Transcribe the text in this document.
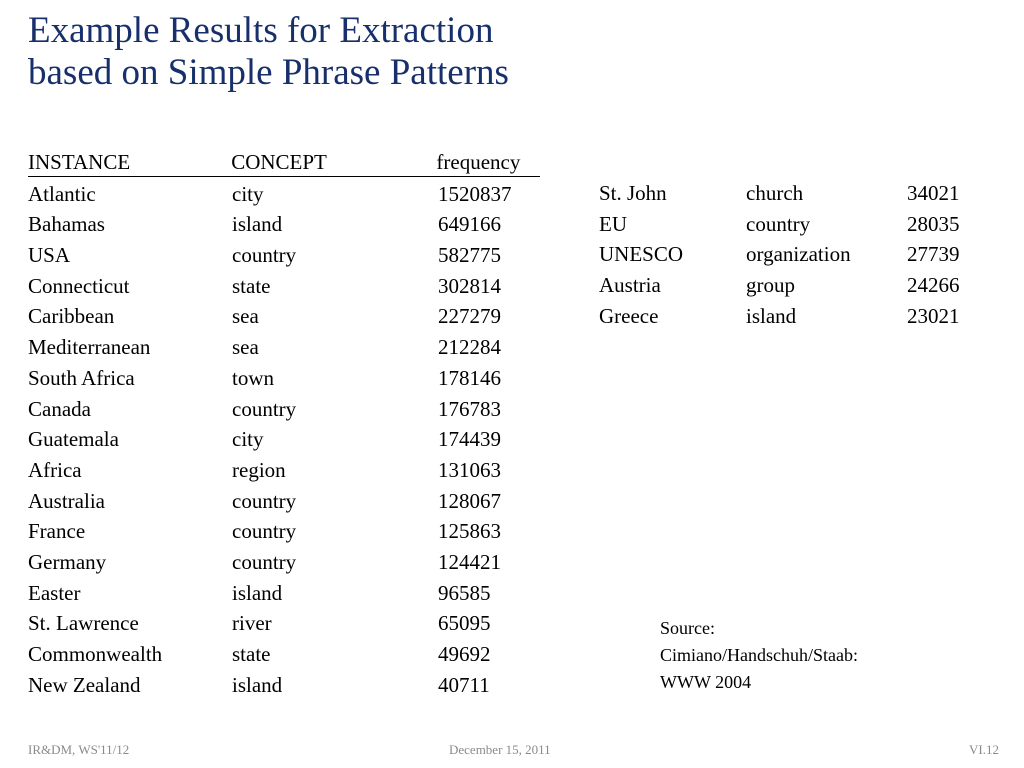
Example Results for Extraction
based on Simple Phrase Patterns
INSTANCE	CONCEPT	frequency
Atlantic	city	1520837
Bahamas	island	649166
USA	country	582775
Connecticut	state	302814
Caribbean	sea	227279
Mediterranean	sea	212284
South Africa	town	178146
Canada	country	176783
Guatemala	city	174439
Africa	region	131063
Australia	country	128067
France	country	125863
Germany	country	124421
Easter	island	96585
St. Lawrence	river	65095
Commonwealth	state	49692
New Zealand	island	40711
St. John	church	34021
EU	country	28035
UNESCO	organization	27739
Austria	group	24266
Greece	island	23021
Source:
Cimiano/Handschuh/Staab:
WWW 2004
IR&DM, WS'11/12	December 15, 2011	VI.12
